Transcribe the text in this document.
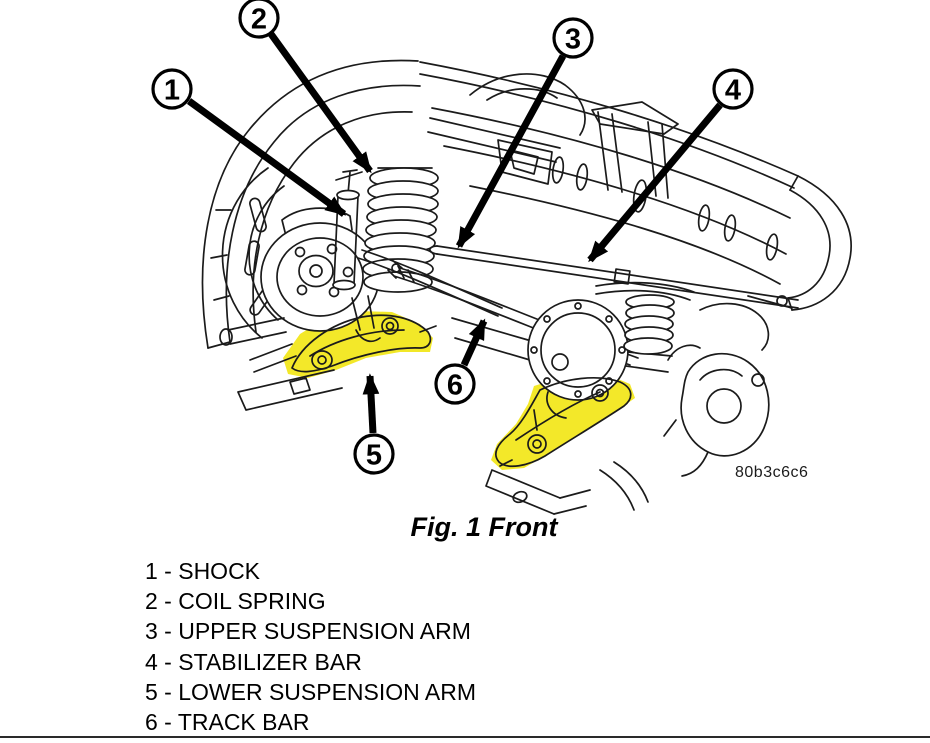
1
2
3
4
5
6
80b3c6c6
Fig. 1 Front
1 - SHOCK
2 - COIL SPRING
3 - UPPER SUSPENSION ARM
4 - STABILIZER BAR
5 - LOWER SUSPENSION ARM
6 - TRACK BAR
